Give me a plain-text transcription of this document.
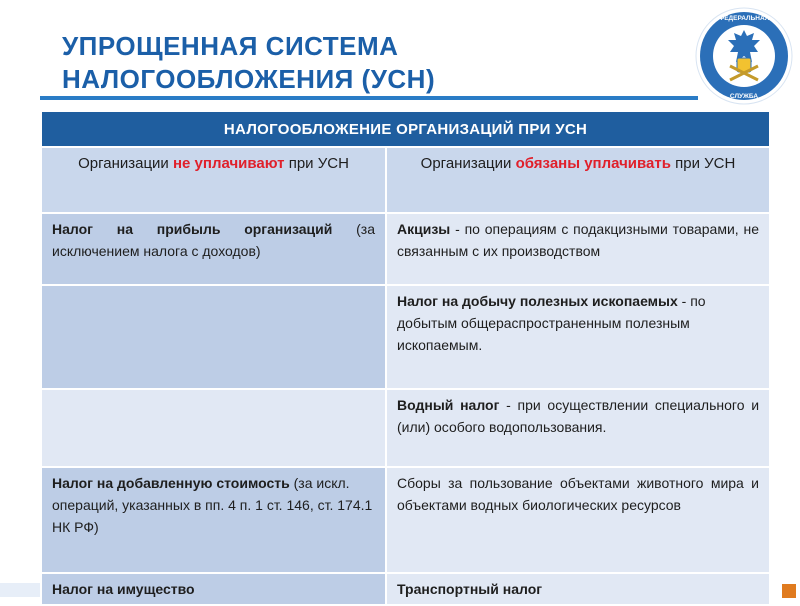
УПРОЩЕННАЯ СИСТЕМА НАЛОГООБЛОЖЕНИЯ (УСН)
ФЕДЕРАЛЬНАЯ
СЛУЖБА
НАЛОГООБЛОЖЕНИЕ ОРГАНИЗАЦИЙ ПРИ УСН	
Организации не уплачивают при УСН	Организации обязаны уплачивать при УСН
Налог на прибыль организаций (за исключением налога с доходов)	Акцизы - по операциям с подакцизными товарами, не связанным с их производством
	Налог на добычу полезных ископаемых - по добытым общераспространенным полезным ископаемым.
	Водный налог - при осуществлении специального и (или) особого водопользования.
Налог на добавленную стоимость (за искл. операций, указанных в пп. 4 п. 1 ст. 146, ст. 174.1 НК РФ)	Сборы за пользование объектами животного мира и объектами водных биологических ресурсов
Налог на имущество	Транспортный налог
